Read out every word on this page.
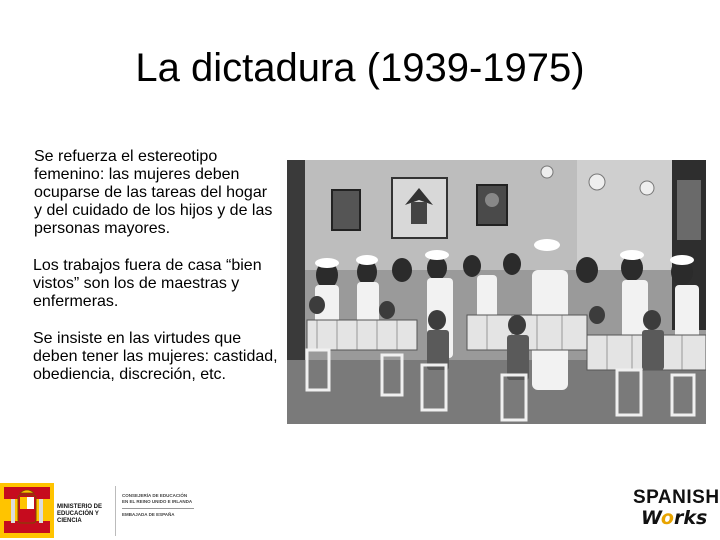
La dictadura (1939-1975)

Se refuerza el estereotipo femenino: las mujeres deben ocuparse de las tareas del hogar y del cuidado de los hijos y de las personas mayores.

Los trabajos fuera de casa “bien vistos” son los de maestras y enfermeras.

Se insiste en las virtudes que deben tener las mujeres: castidad, obediencia, discreción, etc.

MINISTERIO DE EDUCACIÓN Y CIENCIA
CONSEJERÍA DE EDUCACIÓN
EN EL REINO UNIDO E IRLANDA
EMBAJADA DE ESPAÑA
SPANISH
Works
